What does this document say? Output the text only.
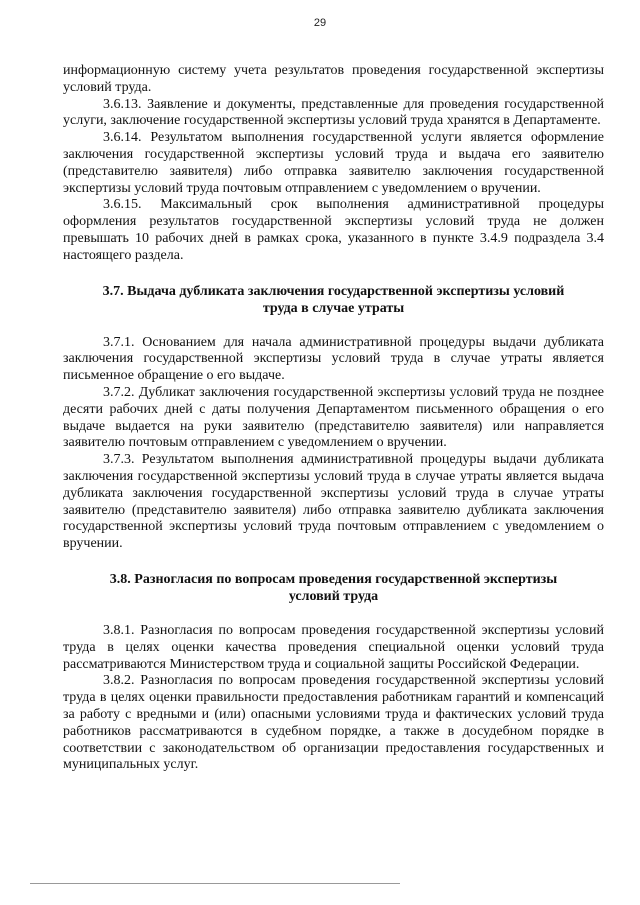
29

информационную систему учета результатов проведения государственной экспертизы условий труда.

3.6.13. Заявление и документы, представленные для проведения государственной услуги, заключение государственной экспертизы условий труда хранятся в Департаменте.

3.6.14. Результатом выполнения государственной услуги является оформление заключения государственной экспертизы условий труда и выдача его заявителю (представителю заявителя) либо отправка заявителю заключения государственной экспертизы условий труда почтовым отправлением с уведомлением о вручении.

3.6.15. Максимальный срок выполнения административной процедуры оформления результатов государственной экспертизы условий труда не должен превышать 10 рабочих дней в рамках срока, указанного в пункте 3.4.9 подраздела 3.4 настоящего раздела.

3.7. Выдача дубликата заключения государственной экспертизы условий
труда в случае утраты

3.7.1. Основанием для начала административной процедуры выдачи дубликата заключения государственной экспертизы условий труда в случае утраты является письменное обращение о его выдаче.

3.7.2. Дубликат заключения государственной экспертизы условий труда не позднее десяти рабочих дней с даты получения Департаментом письменного обращения о его выдаче выдается на руки заявителю (представителю заявителя) или направляется заявителю почтовым отправлением с уведомлением о вручении.

3.7.3. Результатом выполнения административной процедуры выдачи дубликата заключения государственной экспертизы условий труда в случае утраты является выдача дубликата заключения государственной экспертизы условий труда в случае утраты заявителю (представителю заявителя) либо отправка заявителю дубликата заключения государственной экспертизы условий труда почтовым отправлением с уведомлением о вручении.

3.8. Разногласия по вопросам проведения государственной экспертизы
условий труда

3.8.1. Разногласия по вопросам проведения государственной экспертизы условий труда в целях оценки качества проведения специальной оценки условий труда рассматриваются Министерством труда и социальной защиты Российской Федерации.

3.8.2. Разногласия по вопросам проведения государственной экспертизы условий труда в целях оценки правильности предоставления работникам гарантий и компенсаций за работу с вредными и (или) опасными условиями труда и фактических условий труда работников рассматриваются в судебном порядке, а также в досудебном порядке в соответствии с законодательством об организации предоставления государственных и муниципальных услуг.
